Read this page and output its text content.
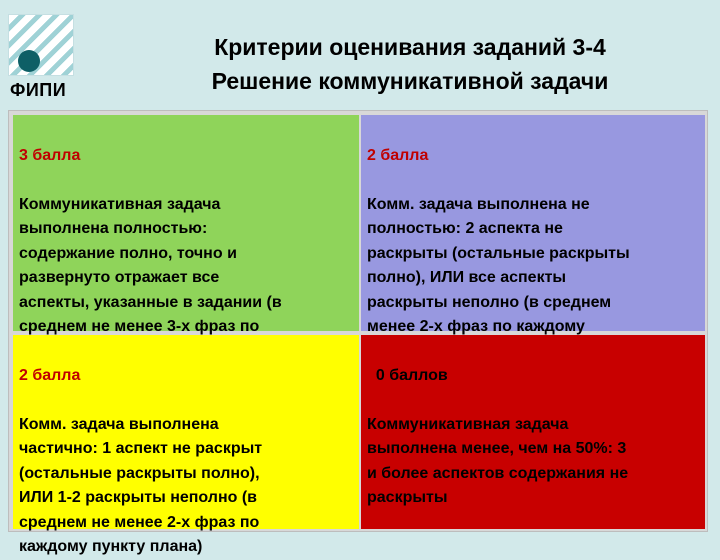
ФИПИ
Критерии оценивания заданий 3-4
Решение коммуникативной задачи

3 балла

Коммуникативная задача
выполнена полностью:
содержание полно, точно и
развернуто отражает все
аспекты, указанные в задании (в
среднем не менее 3-х фраз по

2 балла

Комм. задача выполнена не
полностью: 2 аспекта не
раскрыты (остальные раскрыты
полно), ИЛИ все аспекты
раскрыты неполно (в среднем
менее 2-х фраз по каждому

2 балла

Комм. задача выполнена
частично: 1 аспект не раскрыт
(остальные раскрыты полно),
ИЛИ 1-2 раскрыты неполно (в
среднем не менее 2-х фраз по
каждому пункту плана)

0 баллов

Коммуникативная задача
выполнена менее, чем на 50%: 3
и более аспектов содержания не
раскрыты
